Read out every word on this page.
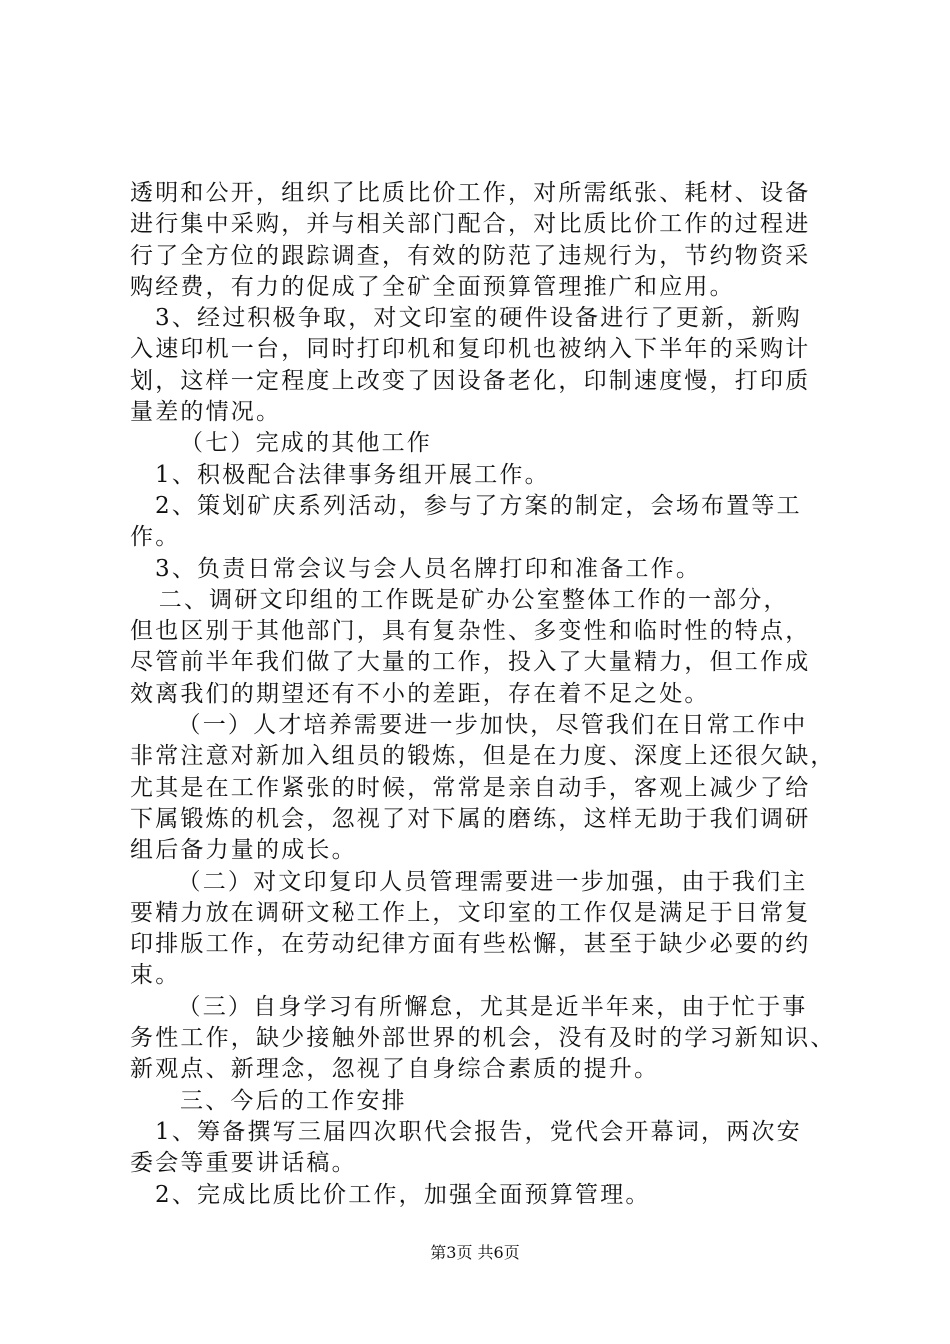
透明和公开，组织了比质比价工作，对所需纸张、耗材、设备
进行集中采购，并与相关部门配合，对比质比价工作的过程进
行了全方位的跟踪调查，有效的防范了违规行为，节约物资采
购经费，有力的促成了全矿全面预算管理推广和应用。
3、经过积极争取，对文印室的硬件设备进行了更新，新购
入速印机一台，同时打印机和复印机也被纳入下半年的采购计
划，这样一定程度上改变了因设备老化，印制速度慢，打印质
量差的情况。
（七）完成的其他工作
1、积极配合法律事务组开展工作。
2、策划矿庆系列活动，参与了方案的制定，会场布置等工
作。
3、负责日常会议与会人员名牌打印和准备工作。
二、调研文印组的工作既是矿办公室整体工作的一部分，
但也区别于其他部门，具有复杂性、多变性和临时性的特点，
尽管前半年我们做了大量的工作，投入了大量精力，但工作成
效离我们的期望还有不小的差距，存在着不足之处。
（一）人才培养需要进一步加快，尽管我们在日常工作中
非常注意对新加入组员的锻炼，但是在力度、深度上还很欠缺，
尤其是在工作紧张的时候，常常是亲自动手，客观上减少了给
下属锻炼的机会，忽视了对下属的磨练，这样无助于我们调研
组后备力量的成长。
（二）对文印复印人员管理需要进一步加强，由于我们主
要精力放在调研文秘工作上，文印室的工作仅是满足于日常复
印排版工作，在劳动纪律方面有些松懈，甚至于缺少必要的约
束。
（三）自身学习有所懈怠，尤其是近半年来，由于忙于事
务性工作，缺少接触外部世界的机会，没有及时的学习新知识、
新观点、新理念，忽视了自身综合素质的提升。
三、今后的工作安排
1、筹备撰写三届四次职代会报告，党代会开幕词，两次安
委会等重要讲话稿。
2、完成比质比价工作，加强全面预算管理。
第3页 共6页
